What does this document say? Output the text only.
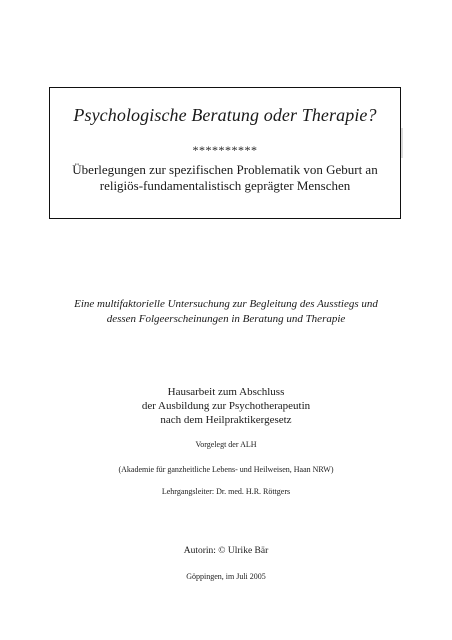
Psychologische Beratung oder Therapie?
**********
Überlegungen zur spezifischen Problematik von Geburt an
religiös-fundamentalistisch geprägter Menschen
Eine multifaktorielle Untersuchung zur Begleitung des Ausstiegs und
dessen Folgeerscheinungen in Beratung und Therapie
Hausarbeit zum Abschluss
der Ausbildung zur Psychotherapeutin
nach dem Heilpraktikergesetz
Vorgelegt der ALH
(Akademie für ganzheitliche Lebens- und Heilweisen, Haan NRW)
Lehrgangsleiter: Dr. med. H.R. Röttgers
Autorin: © Ulrike Bär
Göppingen, im Juli 2005
